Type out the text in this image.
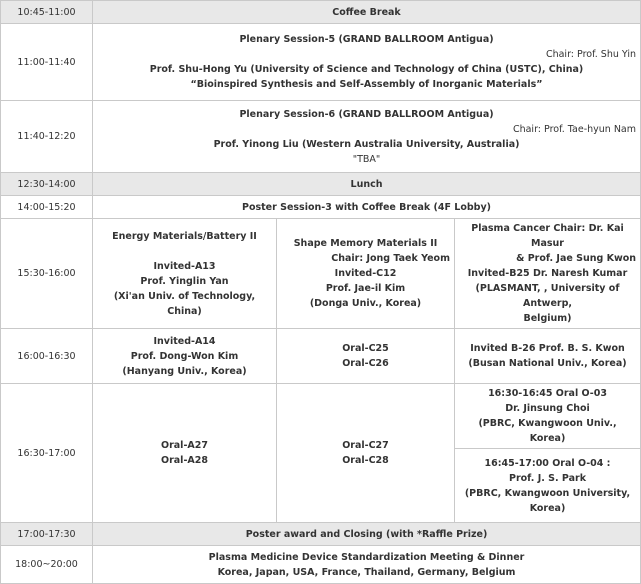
10:45-11:00	Coffee Break		
11:00-11:40	Plenary Session-5 (GRAND BALLROOM Antigua)
Chair: Prof. Shu Yin
Prof. Shu-Hong Yu (University of Science and Technology of China (USTC), China)
“Bioinspired Synthesis and Self-Assembly of Inorganic Materials”		

11:40-12:20	Plenary Session-6 (GRAND BALLROOM Antigua)
Chair: Prof. Tae-hyun Nam
Prof. Yinong Liu (Western Australia University, Australia)
"TBA"		

12:30-14:00	Lunch		
14:00-15:20	Poster Session-3 with Coffee Break (4F Lobby)		
15:30-16:00	Energy Materials/Battery II

Invited-A13
Prof. Yinglin Yan
(Xi'an Univ. of Technology, China)	Shape Memory Materials II
Chair: Jong Taek Yeom
Invited-C12
Prof. Jae-il Kim
(Donga Univ., Korea)	Plasma Cancer Chair: Dr. Kai Masur
& Prof. Jae Sung Kwon
Invited-B25 Dr. Naresh Kumar
(PLASMANT, , University of Antwerp,
Belgium)

16:00-16:30	Invited-A14
Prof. Dong-Won Kim
(Hanyang Univ., Korea)	Oral-C25
Oral-C26	Invited B-26 Prof. B. S. Kwon
(Busan National Univ., Korea)

16:30-17:00	Oral-A27
Oral-A28	Oral-C27
Oral-C28	16:30-16:45 Oral O-03
Dr. Jinsung Choi
(PBRC, Kwangwoon Univ., Korea)

			16:45-17:00 Oral O-04 :
Prof. J. S. Park
(PBRC, Kwangwoon University,
Korea)

17:00-17:30	Poster award and Closing (with *Raffle Prize)		
18:00~20:00	Plasma Medicine Device Standardization Meeting & Dinner
Korea, Japan, USA, France, Thailand, Germany, Belgium		
